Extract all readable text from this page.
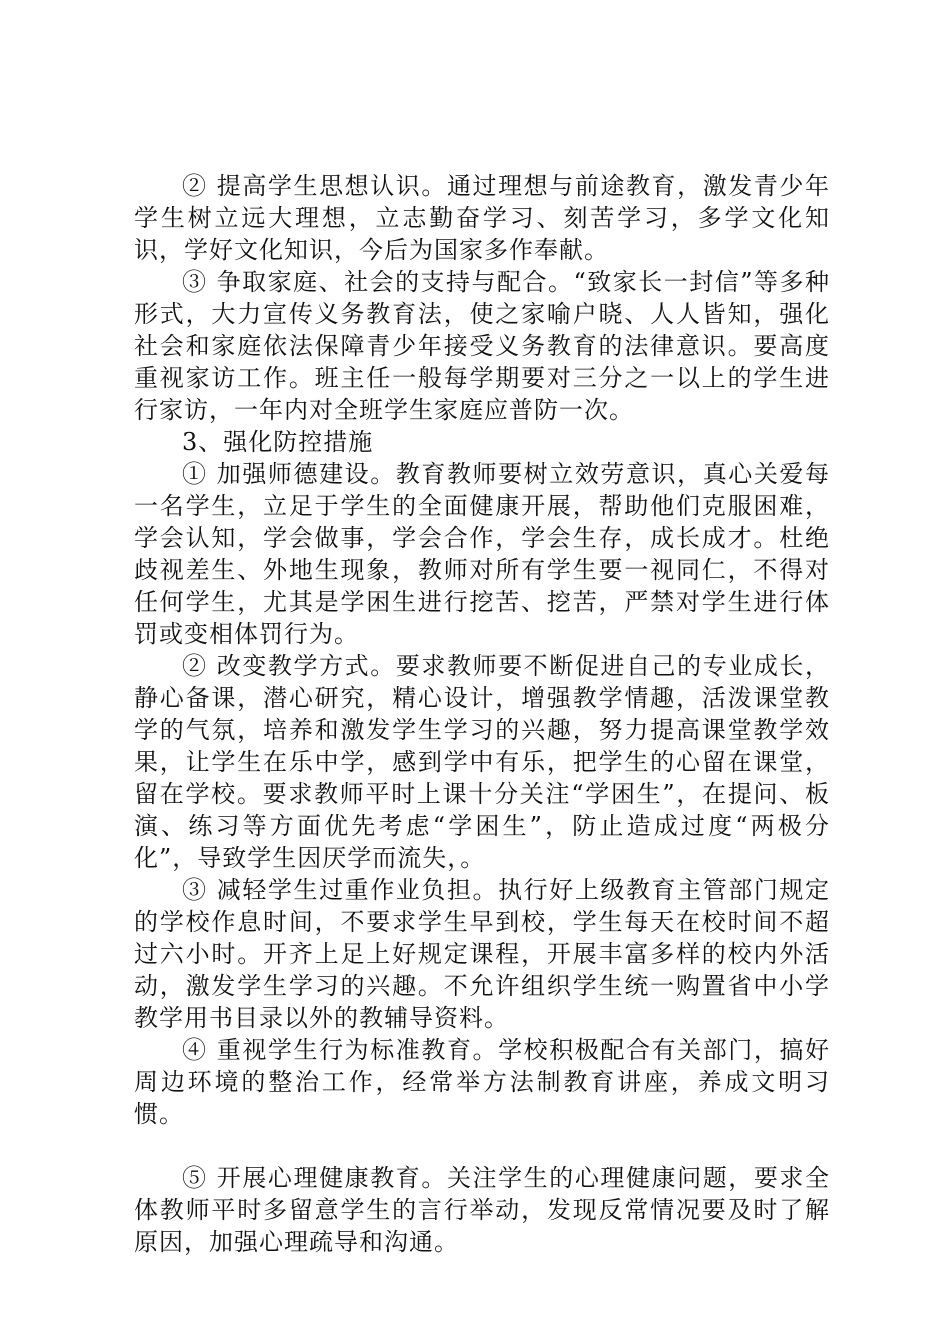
② 提高学生思想认识。通过理想与前途教育，激发青少年学生树立远大理想，立志勤奋学习、刻苦学习，多学文化知识，学好文化知识，今后为国家多作奉献。

③ 争取家庭、社会的支持与配合。“致家长一封信”等多种形式，大力宣传义务教育法，使之家喻户晓、人人皆知，强化社会和家庭依法保障青少年接受义务教育的法律意识。要高度重视家访工作。班主任一般每学期要对三分之一以上的学生进行家访，一年内对全班学生家庭应普防一次。

3、强化防控措施

① 加强师德建设。教育教师要树立效劳意识，真心关爱每一名学生，立足于学生的全面健康开展，帮助他们克服困难，学会认知，学会做事，学会合作，学会生存，成长成才。杜绝歧视差生、外地生现象，教师对所有学生要一视同仁，不得对任何学生，尤其是学困生进行挖苦、挖苦，严禁对学生进行体罚或变相体罚行为。

② 改变教学方式。要求教师要不断促进自己的专业成长，静心备课，潜心研究，精心设计，增强教学情趣，活泼课堂教学的气氛，培养和激发学生学习的兴趣，努力提高课堂教学效果，让学生在乐中学，感到学中有乐，把学生的心留在课堂，留在学校。要求教师平时上课十分关注“学困生”，在提问、板演、练习等方面优先考虑“学困生”，防止造成过度“两极分化”，导致学生因厌学而流失，。

③ 减轻学生过重作业负担。执行好上级教育主管部门规定的学校作息时间，不要求学生早到校，学生每天在校时间不超过六小时。开齐上足上好规定课程，开展丰富多样的校内外活动，激发学生学习的兴趣。不允许组织学生统一购置省中小学教学用书目录以外的教辅导资料。

④ 重视学生行为标准教育。学校积极配合有关部门，搞好周边环境的整治工作，经常举方法制教育讲座，养成文明习惯。

⑤ 开展心理健康教育。关注学生的心理健康问题，要求全体教师平时多留意学生的言行举动，发现反常情况要及时了解原因，加强心理疏导和沟通。
